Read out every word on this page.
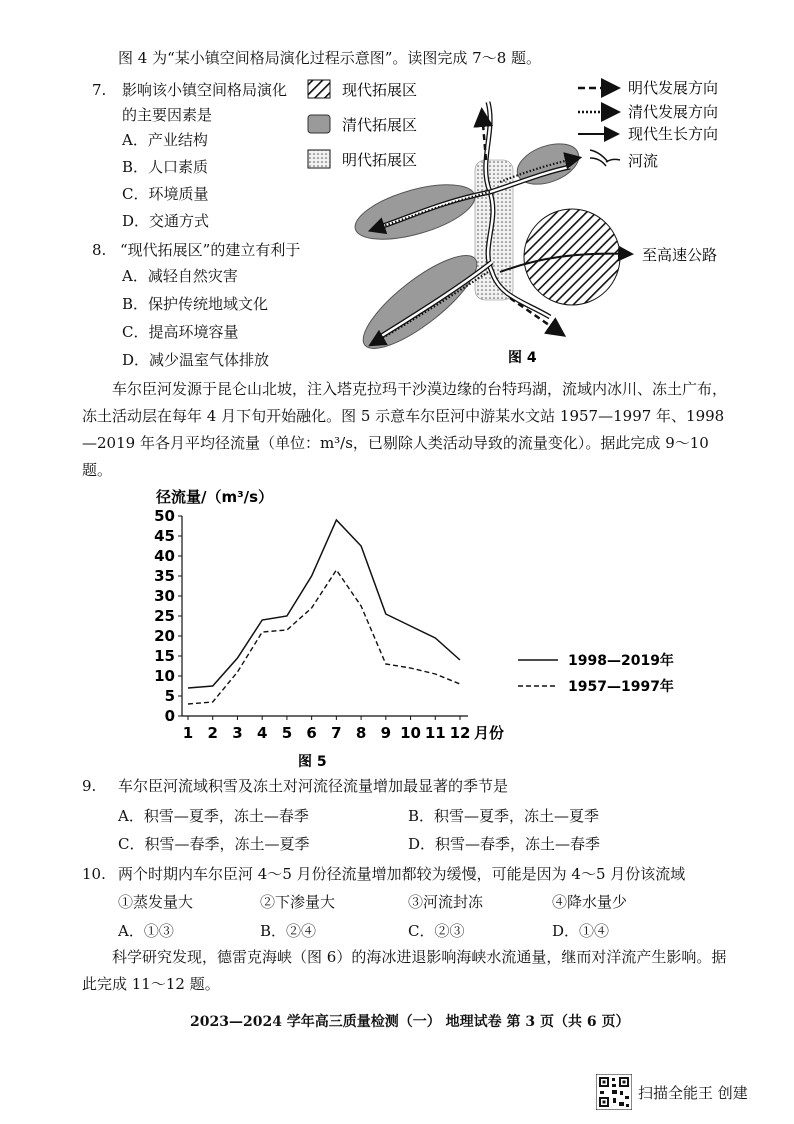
图 4 为“某小镇空间格局演化过程示意图”。读图完成 7～8 题。
7. 影响该小镇空间格局演化
的主要因素是
A．产业结构
B．人口素质
C．环境质量
D．交通方式
8. “现代拓展区”的建立有利于
A．减轻自然灾害
B．保护传统地域文化
C．提高环境容量
D．减少温室气体排放
现代拓展区
清代拓展区
明代拓展区
明代发展方向
清代发展方向
现代生长方向
河流
至高速公路
图 4
车尔臣河发源于昆仑山北坡，注入塔克拉玛干沙漠边缘的台特玛湖，流域内冰川、冻土广布，冻土活动层在每年 4 月下旬开始融化。图 5 示意车尔臣河中游某水文站 1957—1997 年、1998—2019 年各月平均径流量（单位：m³/s，已剔除人类活动导致的流量变化）。据此完成 9～10 题。
径流量/（m³/s）
0
5
10
15
20
25
30
35
40
45
50
1 2 3 4 5 6 7 8 9 10 11 12 月份
1998—2019年
1957—1997年
图 5
9. 车尔臣河流域积雪及冻土对河流径流量增加最显著的季节是
A．积雪—夏季，冻土—春季	B．积雪—夏季，冻土—夏季
C．积雪—春季，冻土—夏季	D．积雪—春季，冻土—春季
10. 两个时期内车尔臣河 4～5 月份径流量增加都较为缓慢，可能是因为 4～5 月份该流域
①蒸发量大	②下渗量大	③河流封冻	④降水量少
A．①③	B．②④	C．②③	D．①④
科学研究发现，德雷克海峡（图 6）的海冰进退影响海峡水流通量，继而对洋流产生影响。据此完成 11～12 题。
2023—2024 学年高三质量检测（一） 地理试卷 第 3 页（共 6 页）
扫描全能王 创建
